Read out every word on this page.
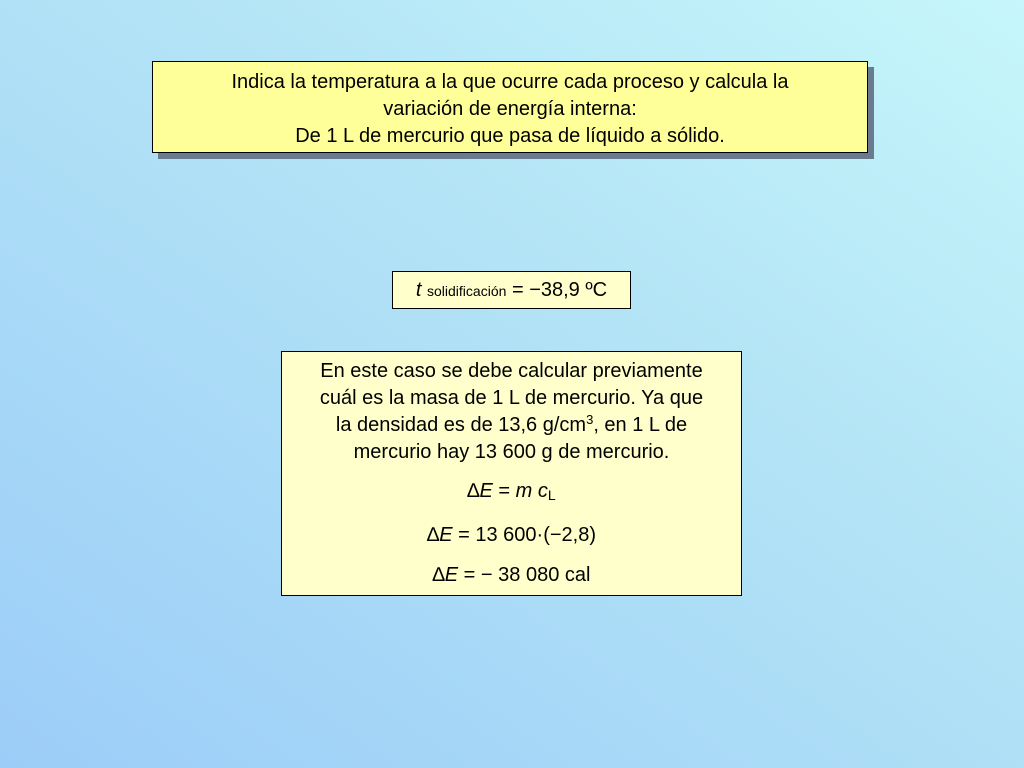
Indica la temperatura a la que ocurre cada proceso y calcula la
variación de energía interna:
De 1 L de mercurio que pasa de líquido a sólido.
t solidificación = −38,9 ºC
En este caso se debe calcular previamente
cuál es la masa de 1 L de mercurio. Ya que
la densidad es de 13,6 $g/cm^3$, en 1 L de
mercurio hay 13 600 g de mercurio.
∆E = m cL
∆E = 13 600·(−2,8)
∆E = − 38 080 cal
